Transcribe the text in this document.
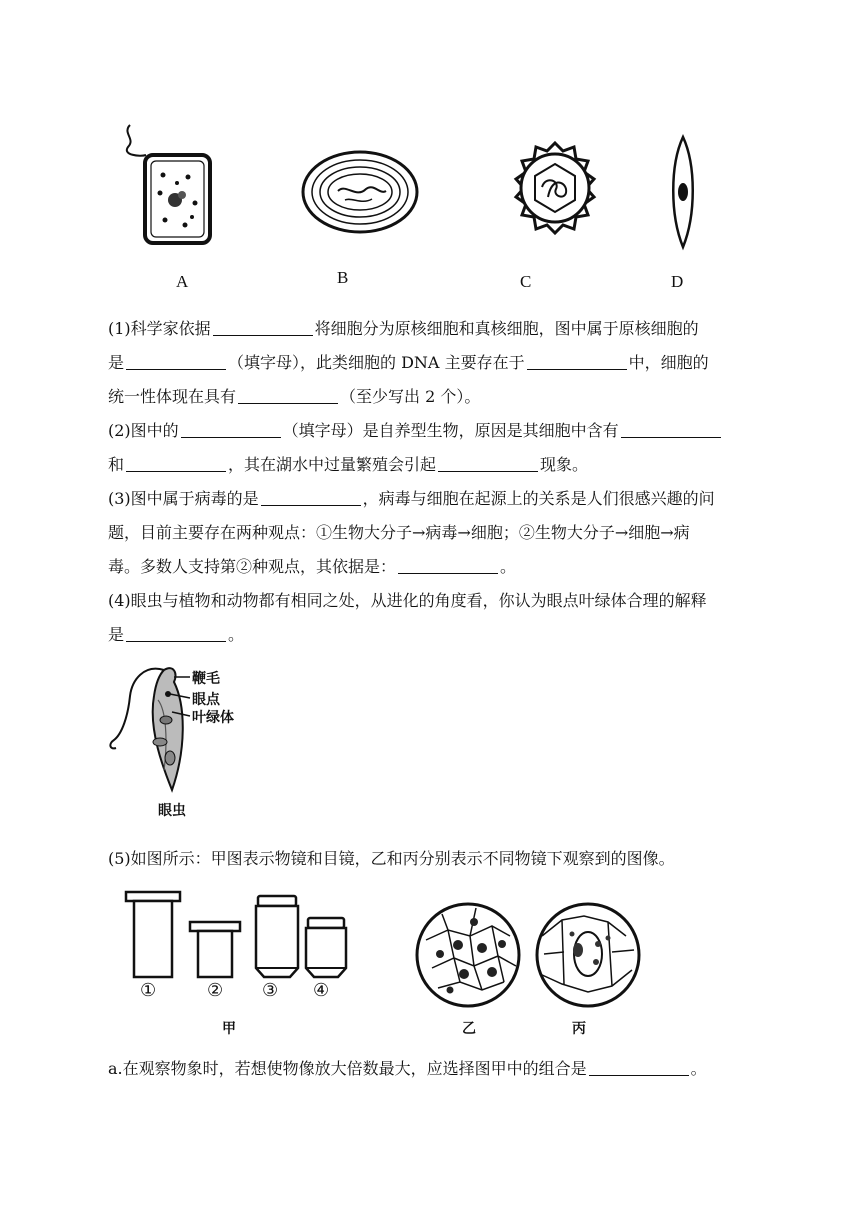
A	B	C	D
(1)科学家依据	将细胞分为原核细胞和真核细胞，图中属于原核细胞的
是	（填字母），此类细胞的 DNA 主要存在于	中，细胞的
统一性体现在具有	（至少写出 2 个）。
(2)图中的	（填字母）是自养型生物，原因是其细胞中含有
和	，其在湖水中过量繁殖会引起	现象。
(3)图中属于病毒的是	，病毒与细胞在起源上的关系是人们很感兴趣的问
题，目前主要存在两种观点：①生物大分子→病毒→细胞；②生物大分子→细胞→病
毒。多数人支持第②种观点，其依据是：	。
(4)眼虫与植物和动物都有相同之处，从进化的角度看，你认为眼点叶绿体合理的解释
是	。
鞭毛
眼点
叶绿体
眼虫
(5)如图所示：甲图表示物镜和目镜，乙和丙分别表示不同物镜下观察到的图像。
①	② ③ ④
甲	乙	丙
a.在观察物象时，若想使物像放大倍数最大，应选择图甲中的组合是	。
